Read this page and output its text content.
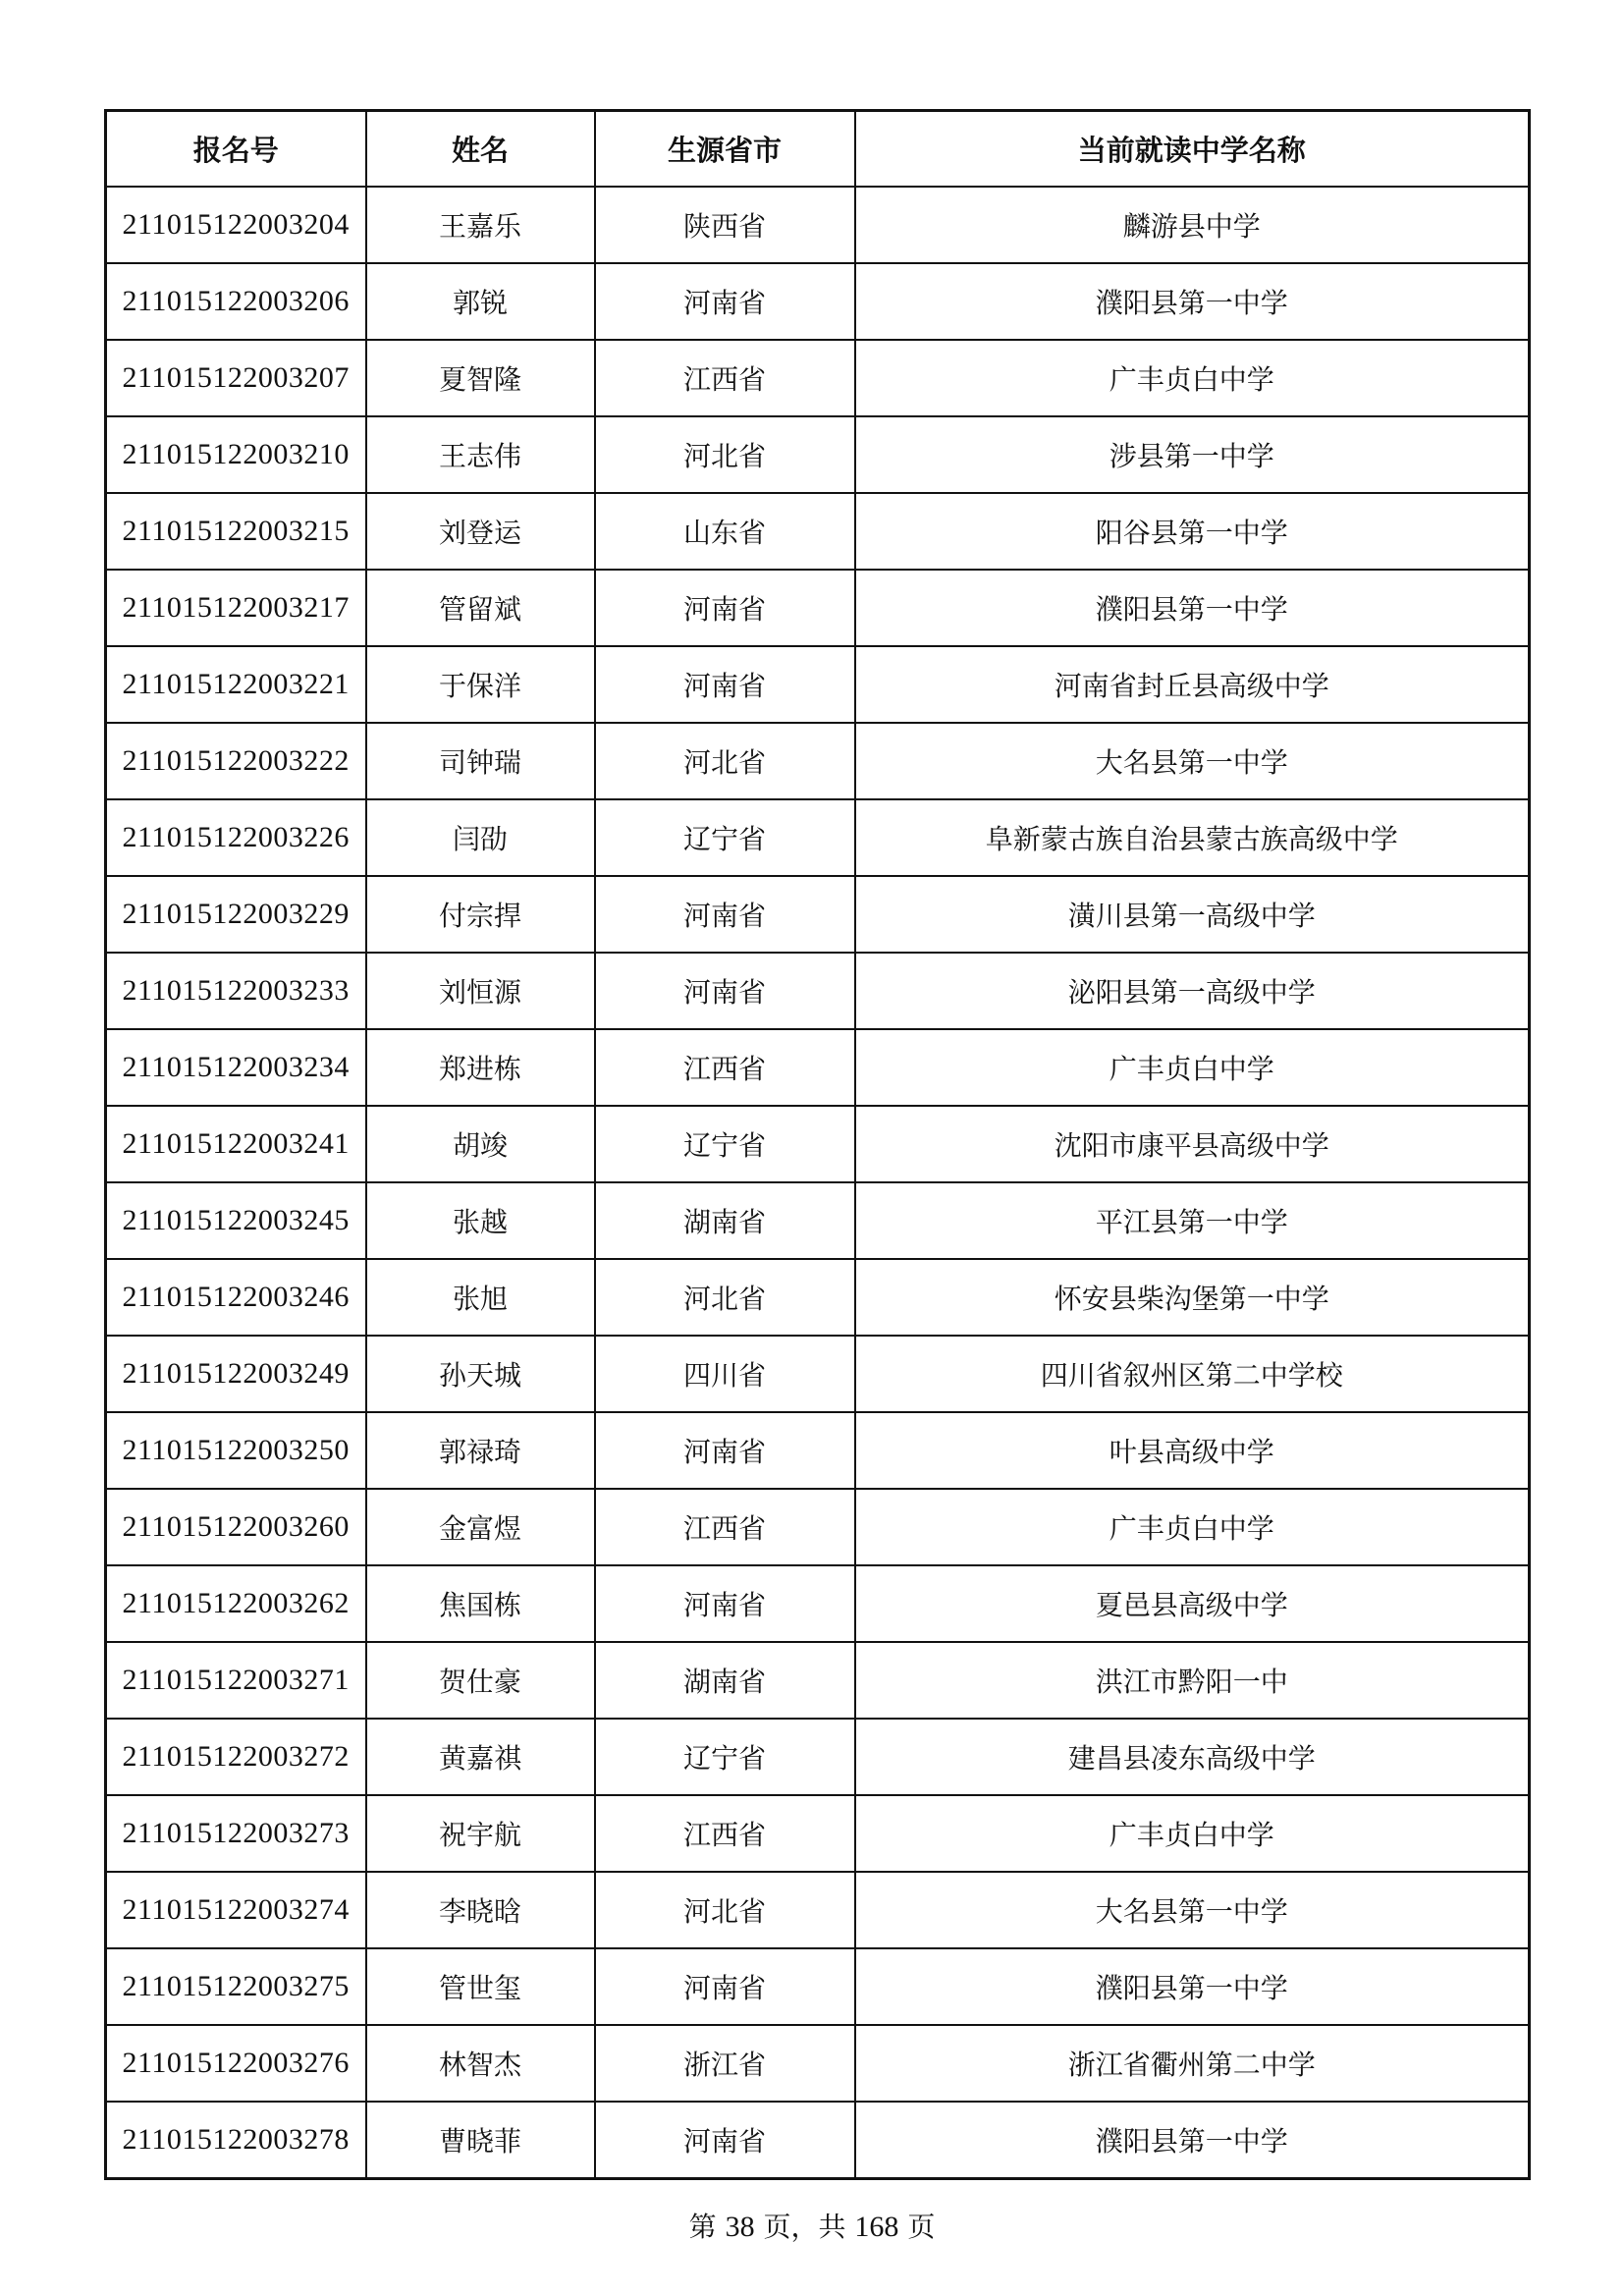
报名号	姓名	生源省市	当前就读中学名称
211015122003204	王嘉乐	陕西省	麟游县中学
211015122003206	郭锐	河南省	濮阳县第一中学
211015122003207	夏智隆	江西省	广丰贞白中学
211015122003210	王志伟	河北省	涉县第一中学
211015122003215	刘登运	山东省	阳谷县第一中学
211015122003217	管留斌	河南省	濮阳县第一中学
211015122003221	于保洋	河南省	河南省封丘县高级中学
211015122003222	司钟瑞	河北省	大名县第一中学
211015122003226	闫劭	辽宁省	阜新蒙古族自治县蒙古族高级中学
211015122003229	付宗捍	河南省	潢川县第一高级中学
211015122003233	刘恒源	河南省	泌阳县第一高级中学
211015122003234	郑进栋	江西省	广丰贞白中学
211015122003241	胡竣	辽宁省	沈阳市康平县高级中学
211015122003245	张越	湖南省	平江县第一中学
211015122003246	张旭	河北省	怀安县柴沟堡第一中学
211015122003249	孙天城	四川省	四川省叙州区第二中学校
211015122003250	郭禄琦	河南省	叶县高级中学
211015122003260	金富煜	江西省	广丰贞白中学
211015122003262	焦国栋	河南省	夏邑县高级中学
211015122003271	贺仕豪	湖南省	洪江市黔阳一中
211015122003272	黄嘉祺	辽宁省	建昌县凌东高级中学
211015122003273	祝宇航	江西省	广丰贞白中学
211015122003274	李晓晗	河北省	大名县第一中学
211015122003275	管世玺	河南省	濮阳县第一中学
211015122003276	林智杰	浙江省	浙江省衢州第二中学
211015122003278	曹晓菲	河南省	濮阳县第一中学
第 38 页，共 168 页
